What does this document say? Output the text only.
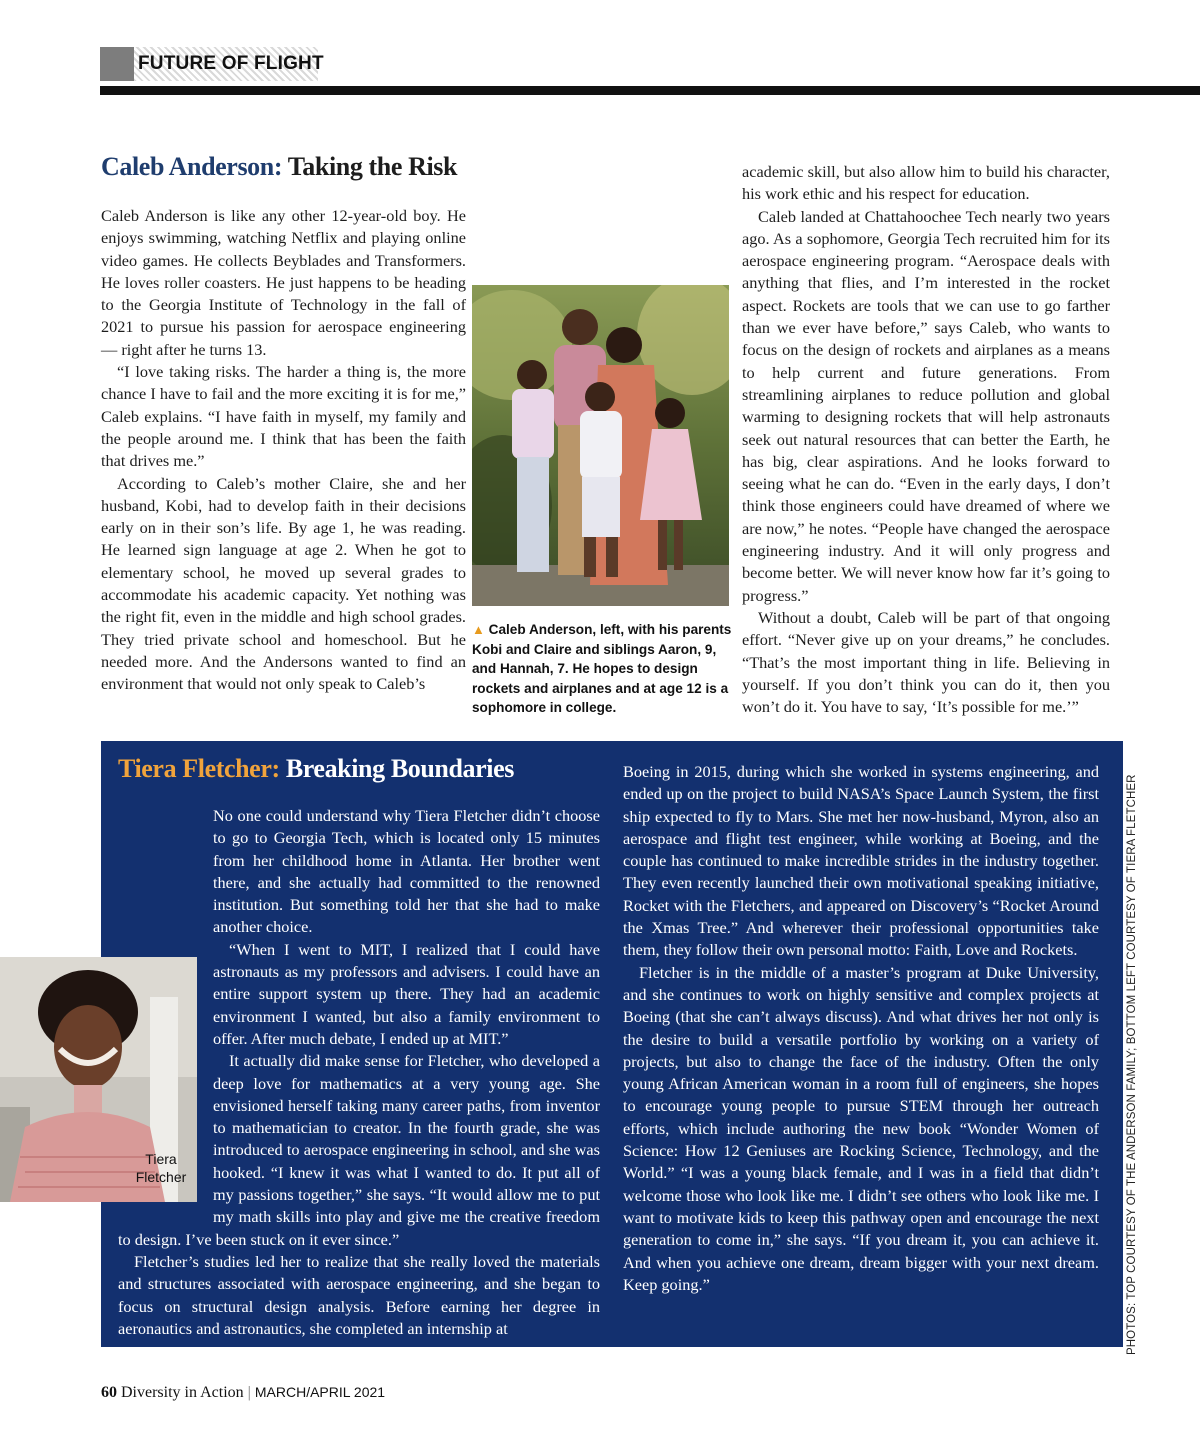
FUTURE OF FLIGHT
Caleb Anderson: Taking the Risk

Caleb Anderson is like any other 12-year-old boy. He enjoys swimming, watching Netflix and playing online video games. He collects Beyblades and Transformers. He loves roller coasters. He just happens to be heading to the Georgia Institute of Technology in the fall of 2021 to pursue his passion for aerospace engineering — right after he turns 13.

“I love taking risks. The harder a thing is, the more chance I have to fail and the more exciting it is for me,” Caleb explains. “I have faith in myself, my family and the people around me. I think that has been the faith that drives me.”

According to Caleb’s mother Claire, she and her husband, Kobi, had to develop faith in their decisions early on in their son’s life. By age 1, he was reading. He learned sign language at age 2. When he got to elementary school, he moved up several grades to accommodate his academic capacity. Yet nothing was the right fit, even in the middle and high school grades. They tried private school and homeschool. But he needed more. And the Andersons wanted to find an environment that would not only speak to Caleb’s

academic skill, but also allow him to build his character, his work ethic and his respect for education.

Caleb landed at Chattahoochee Tech nearly two years ago. As a sophomore, Georgia Tech recruited him for its aerospace engineering program. “Aerospace deals with anything that flies, and I’m interested in the rocket aspect. Rockets are tools that we can use to go farther than we ever have before,” says Caleb, who wants to focus on the design of rockets and airplanes as a means to help current and future generations. From streamlining airplanes to reduce pollution and global warming to designing rockets that will help astronauts seek out natural resources that can better the Earth, he has big, clear aspirations. And he looks forward to seeing what he can do. “Even in the early days, I don’t think those engineers could have dreamed of where we are now,” he notes. “People have changed the aerospace engineering industry. And it will only progress and become better. We will never know how far it’s going to progress.”

Without a doubt, Caleb will be part of that ongoing effort. “Never give up on your dreams,” he concludes. “That’s the most important thing in life. Believing in yourself. If you don’t think you can do it, then you won’t do it. You have to say, ‘It’s possible for me.’”

▲ Caleb Anderson, left, with his parents Kobi and Claire and siblings Aaron, 9, and Hannah, 7. He hopes to design rockets and airplanes and at age 12 is a sophomore in college.
Tiera Fletcher: Breaking Boundaries

No one could understand why Tiera Fletcher didn’t choose to go to Georgia Tech, which is located only 15 minutes from her childhood home in Atlanta. Her brother went there, and she actually had committed to the renowned institution. But something told her that she had to make another choice.

“When I went to MIT, I realized that I could have astronauts as my professors and advisers. I could have an entire support system up there. They had an academic environment I wanted, but also a family environment to offer. After much debate, I ended up at MIT.”

It actually did make sense for Fletcher, who developed a deep love for mathematics at a very young age. She envisioned herself taking many career paths, from inventor to mathematician to creator. In the fourth grade, she was introduced to aerospace engineering in school, and she was hooked. “I knew it was what I wanted to do. It put all of my passions together,” she says. “It would allow me to put my math skills into play and give me the creative freedom to design. I’ve been stuck on it ever since.”

Fletcher’s studies led her to realize that she really loved the materials and structures associated with aerospace engineering, and she began to focus on structural design analysis. Before earning her degree in aeronautics and astronautics, she completed an internship at

Boeing in 2015, during which she worked in systems engineering, and ended up on the project to build NASA’s Space Launch System, the first ship expected to fly to Mars. She met her now-husband, Myron, also an aerospace and flight test engineer, while working at Boeing, and the couple has continued to make incredible strides in the industry together. They even recently launched their own motivational speaking initiative, Rocket with the Fletchers, and appeared on Discovery’s “Rocket Around the Xmas Tree.” And wherever their professional opportunities take them, they follow their own personal motto: Faith, Love and Rockets.

Fletcher is in the middle of a master’s program at Duke University, and she continues to work on highly sensitive and complex projects at Boeing (that she can’t always discuss). And what drives her not only is the desire to build a versatile portfolio by working on a variety of projects, but also to change the face of the industry. Often the only young African American woman in a room full of engineers, she hopes to encourage young people to pursue STEM through her outreach efforts, which include authoring the new book “Wonder Women of Science: How 12 Geniuses are Rocking Science, Technology, and the World.” “I was a young black female, and I was in a field that didn’t welcome those who look like me. I didn’t see others who look like me. I want to motivate kids to keep this pathway open and encourage the next generation to come in,” she says. “If you dream it, you can achieve it. And when you achieve one dream, dream bigger with your next dream. Keep going.”

Tiera Fletcher	PHOTOS: TOP COURTESY OF THE ANDERSON FAMILY; BOTTOM LEFT COURTESY OF TIERA FLETCHER
60 Diversity in Action | MARCH/APRIL 2021
